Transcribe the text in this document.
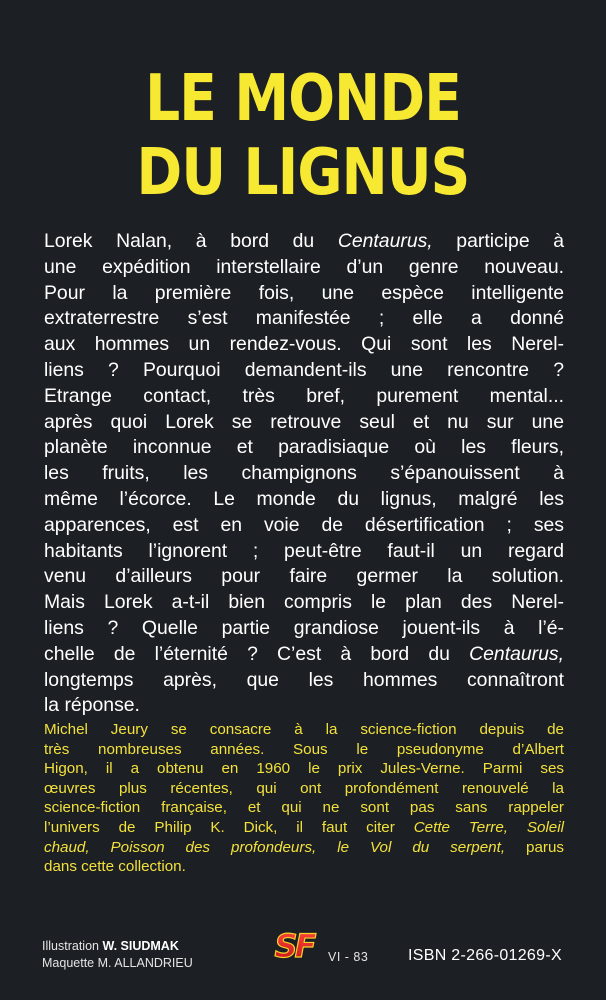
LE MONDE
DU LIGNUS
Lorek Nalan, à bord du Centaurus, participe à
une expédition interstellaire d’un genre nouveau.
Pour la première fois, une espèce intelligente
extraterrestre s’est manifestée ; elle a donné
aux hommes un rendez-vous. Qui sont les Nerel-
liens ? Pourquoi demandent-ils une rencontre ?
Etrange contact, très bref, purement mental...
après quoi Lorek se retrouve seul et nu sur une
planète inconnue et paradisiaque où les fleurs,
les fruits, les champignons s’épanouissent à
même l’écorce. Le monde du lignus, malgré les
apparences, est en voie de désertification ; ses
habitants l’ignorent ; peut-être faut-il un regard
venu d’ailleurs pour faire germer la solution.
Mais Lorek a-t-il bien compris le plan des Nerel-
liens ? Quelle partie grandiose jouent-ils à l’é-
chelle de l’éternité ? C’est à bord du Centaurus,
longtemps après, que les hommes connaîtront
la réponse.
Michel Jeury se consacre à la science-fiction depuis de
très nombreuses années. Sous le pseudonyme d’Albert
Higon, il a obtenu en 1960 le prix Jules-Verne. Parmi ses
œuvres plus récentes, qui ont profondément renouvelé la
science-fiction française, et qui ne sont pas sans rappeler
l’univers de Philip K. Dick, il faut citer Cette Terre, Soleil
chaud, Poisson des profondeurs, le Vol du serpent, parus
dans cette collection.
Illustration W. SIUDMAK
Maquette M. ALLANDRIEU	SF VI - 83 ISBN 2-266-01269-X
